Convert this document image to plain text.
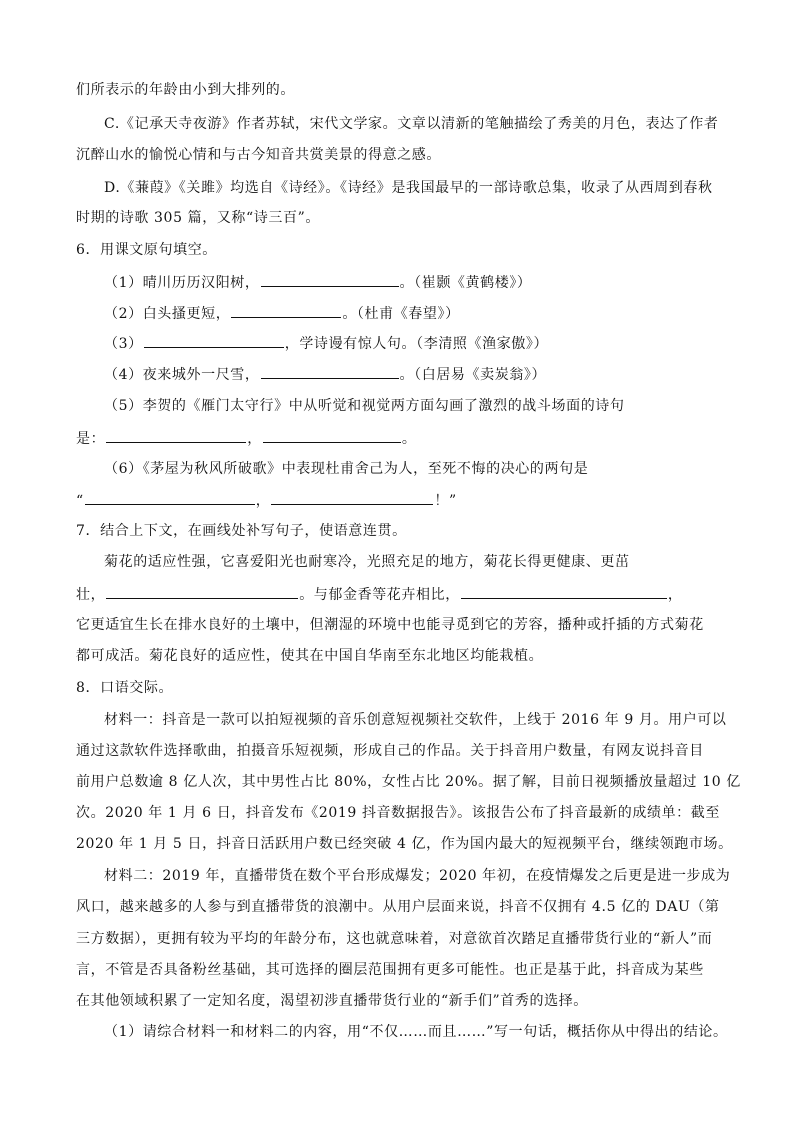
们所表示的年龄由小到大排列的。
C.《记承天寺夜游》作者苏轼，宋代文学家。文章以清新的笔触描绘了秀美的月色，表达了作者
沉醉山水的愉悦心情和与古今知音共赏美景的得意之感。
D.《蒹葭》《关雎》均选自《诗经》。《诗经》是我国最早的一部诗歌总集，收录了从西周到春秋
时期的诗歌 305 篇，又称“诗三百”。
6．用课文原句填空。
（1）晴川历历汉阳树，	。（崔颢《黄鹤楼》）
（2）白头搔更短，	。（杜甫《春望》）
（3）	，学诗谩有惊人句。（李清照《渔家傲》）
（4）夜来城外一尺雪，	。（白居易《卖炭翁》）
（5）李贺的《雁门太守行》中从听觉和视觉两方面勾画了激烈的战斗场面的诗句
是：	，	。
（6）《茅屋为秋风所破歌》中表现杜甫舍己为人，至死不悔的决心的两句是
“	，	！”
7．结合上下文，在画线处补写句子，使语意连贯。
菊花的适应性强，它喜爱阳光也耐寒冷，光照充足的地方，菊花长得更健康、更茁
壮，	。与郁金香等花卉相比，	，
它更适宜生长在排水良好的土壤中，但潮湿的环境中也能寻觅到它的芳容，播种或扦插的方式菊花
都可成活。菊花良好的适应性，使其在中国自华南至东北地区均能栽植。
8．口语交际。
材料一：抖音是一款可以拍短视频的音乐创意短视频社交软件，上线于 2016 年 9 月。用户可以
通过这款软件选择歌曲，拍摄音乐短视频，形成自己的作品。关于抖音用户数量，有网友说抖音目
前用户总数逾 8 亿人次，其中男性占比 80%，女性占比 20%。据了解，目前日视频播放量超过 10 亿
次。2020 年 1 月 6 日，抖音发布《2019 抖音数据报告》。该报告公布了抖音最新的成绩单：截至
2020 年 1 月 5 日，抖音日活跃用户数已经突破 4 亿，作为国内最大的短视频平台，继续领跑市场。
材料二：2019 年，直播带货在数个平台形成爆发；2020 年初，在疫情爆发之后更是进一步成为
风口，越来越多的人参与到直播带货的浪潮中。从用户层面来说，抖音不仅拥有 4.5 亿的 DAU（第
三方数据），更拥有较为平均的年龄分布，这也就意味着，对意欲首次踏足直播带货行业的“新人”而
言，不管是否具备粉丝基础，其可选择的圈层范围拥有更多可能性。也正是基于此，抖音成为某些
在其他领域积累了一定知名度，渴望初涉直播带货行业的“新手们”首秀的选择。
（1）请综合材料一和材料二的内容，用“不仅……而且……”写一句话，概括你从中得出的结论。
